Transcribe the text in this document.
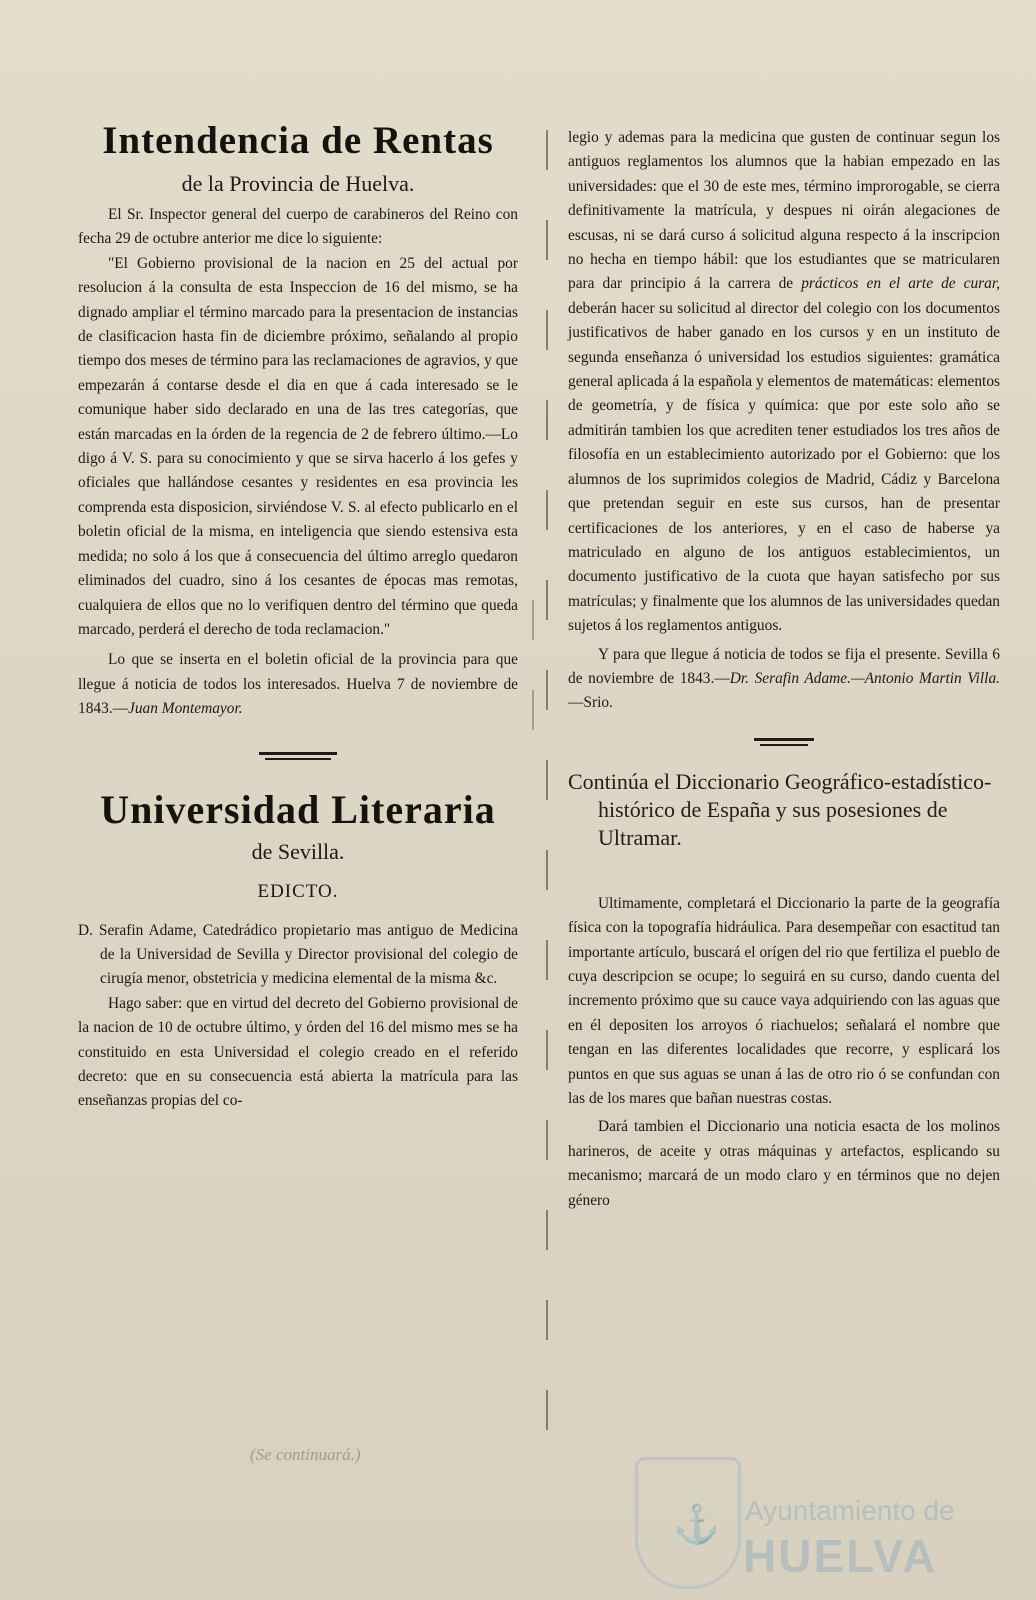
Intendencia de Rentas

de la Provincia de Huelva.

El Sr. Inspector general del cuerpo de carabineros del Reino con fecha 29 de octubre anterior me dice lo siguiente:

"El Gobierno provisional de la nacion en 25 del actual por resolucion á la consulta de esta Inspeccion de 16 del mismo, se ha dignado ampliar el término marcado para la presentacion de instancias de clasificacion hasta fin de diciembre próximo, señalando al propio tiempo dos meses de término para las reclamaciones de agravios, y que empezarán á contarse desde el dia en que á cada interesado se le comunique haber sido declarado en una de las tres categorías, que están marcadas en la órden de la regencia de 2 de febrero último.—Lo digo á V. S. para su conocimiento y que se sirva hacerlo á los gefes y oficiales que hallándose cesantes y residentes en esa provincia les comprenda esta disposicion, sirviéndose V. S. al efecto publicarlo en el boletin oficial de la misma, en inteligencia que siendo estensiva esta medida; no solo á los que á consecuencia del último arreglo quedaron eliminados del cuadro, sino á los cesantes de épocas mas remotas, cualquiera de ellos que no lo verifiquen dentro del término que queda marcado, perderá el derecho de toda reclamacion."

Lo que se inserta en el boletin oficial de la provincia para que llegue á noticia de todos los interesados. Huelva 7 de noviembre de 1843.—Juan Montemayor.

Universidad Literaria

de Sevilla.

EDICTO.

D. Serafin Adame, Catedrádico propietario mas antiguo de Medicina de la Universidad de Sevilla y Director provisional del colegio de cirugía menor, obstetricia y medicina elemental de la misma &c.

Hago saber: que en virtud del decreto del Gobierno provisional de la nacion de 10 de octubre último, y órden del 16 del mismo mes se ha constituido en esta Universidad el colegio creado en el referido decreto: que en su consecuencia está abierta la matrícula para las enseñanzas propias del co-

legio y ademas para la medicina que gusten de continuar segun los antiguos reglamentos los alumnos que la habian empezado en las universidades: que el 30 de este mes, término improrogable, se cierra definitivamente la matrícula, y despues ni oirán alegaciones de escusas, ni se dará curso á solicitud alguna respecto á la inscripcion no hecha en tiempo hábil: que los estudiantes que se matricularen para dar principio á la carrera de prácticos en el arte de curar, deberán hacer su solicitud al director del colegio con los documentos justificativos de haber ganado en los cursos y en un instituto de segunda enseñanza ó universidad los estudios siguientes: gramática general aplicada á la española y elementos de matemáticas: elementos de geometría, y de física y química: que por este solo año se admitirán tambien los que acrediten tener estudiados los tres años de filosofía en un establecimiento autorizado por el Gobierno: que los alumnos de los suprimidos colegios de Madrid, Cádiz y Barcelona que pretendan seguir en este sus cursos, han de presentar certificaciones de los anteriores, y en el caso de haberse ya matriculado en alguno de los antiguos establecimientos, un documento justificativo de la cuota que hayan satisfecho por sus matrículas; y finalmente que los alumnos de las universidades quedan sujetos á los reglamentos antiguos.

Y para que llegue á noticia de todos se fija el presente. Sevilla 6 de noviembre de 1843.—Dr. Serafin Adame.—Antonio Martin Villa.—Srio.

Continúa el Diccionario Geográfico-estadístico-histórico de España y sus posesiones de Ultramar.

Ultimamente, completará el Diccionario la parte de la geografía física con la topografía hidráulica. Para desempeñar con esactitud tan importante artículo, buscará el orígen del rio que fertiliza el pueblo de cuya descripcion se ocupe; lo seguirá en su curso, dando cuenta del incremento próximo que su cauce vaya adquiriendo con las aguas que en él depositen los arroyos ó riachuelos; señalará el nombre que tengan en las diferentes localidades que recorre, y esplicará los puntos en que sus aguas se unan á las de otro rio ó se confundan con las de los mares que bañan nuestras costas.

Dará tambien el Diccionario una noticia esacta de los molinos harineros, de aceite y otras máquinas y artefactos, esplicando su mecanismo; marcará de un modo claro y en términos que no dejen género

(Se continuará.)
⚓ Ayuntamiento de
HUELVA
